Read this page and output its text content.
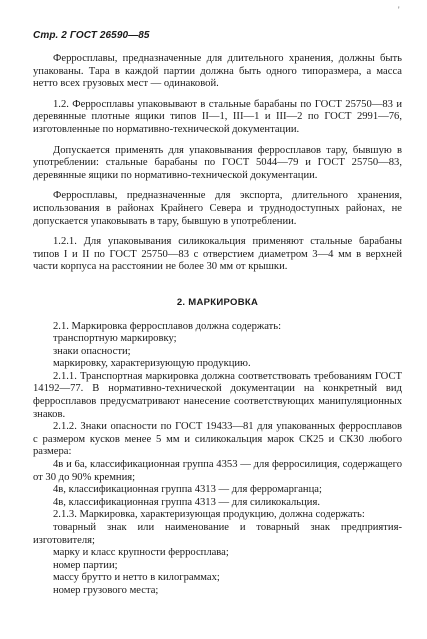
'
Стр. 2 ГОСТ 26590—85

Ферросплавы, предназначенные для длительного хранения, должны быть упакованы. Тара в каждой партии должна быть одного типоразмера, а масса нетто всех грузовых мест — одинаковой.

1.2. Ферросплавы упаковывают в стальные барабаны по ГОСТ 25750—83 и деревянные плотные ящики типов II—1, III—1 и III—2 по ГОСТ 2991—76, изготовленные по нормативно-технической документации.

Допускается применять для упаковывания ферросплавов тару, бывшую в употреблении: стальные барабаны по ГОСТ 5044—79 и ГОСТ 25750—83, деревянные ящики по нормативно-технической документации.

Ферросплавы, предназначенные для экспорта, длительного хранения, использования в районах Крайнего Севера и труднодоступных районах, не допускается упаковывать в тару, бывшую в употреблении.

1.2.1. Для упаковывания силикокальция применяют стальные барабаны типов I и II по ГОСТ 25750—83 с отверстием диаметром 3—4 мм в верхней части корпуса на расстоянии не более 30 мм от крышки.

2. МАРКИРОВКА

2.1. Маркировка ферросплавов должна содержать:

транспортную маркировку;

знаки опасности;

маркировку, характеризующую продукцию.

2.1.1. Транспортная маркировка должна соответствовать требованиям ГОСТ 14192—77. В нормативно-технической документации на конкретный вид ферросплавов предусматривают нанесение соответствующих манипуляционных знаков.

2.1.2. Знаки опасности по ГОСТ 19433—81 для упакованных ферросплавов с размером кусков менее 5 мм и силикокальция марок СК25 и СК30 любого размера:

4в и 6а, классификационная группа 4353 — для ферросилиция, содержащего от 30 до 90% кремния;

4в, классификационная группа 4313 — для ферромарганца;

4в, классификационная группа 4313 — для силикокальция.

2.1.3. Маркировка, характеризующая продукцию, должна содержать:

товарный знак или наименование и товарный знак предприятия-изготовителя;

марку и класс крупности ферросплава;

номер партии;

массу брутто и нетто в килограммах;

номер грузового места;
